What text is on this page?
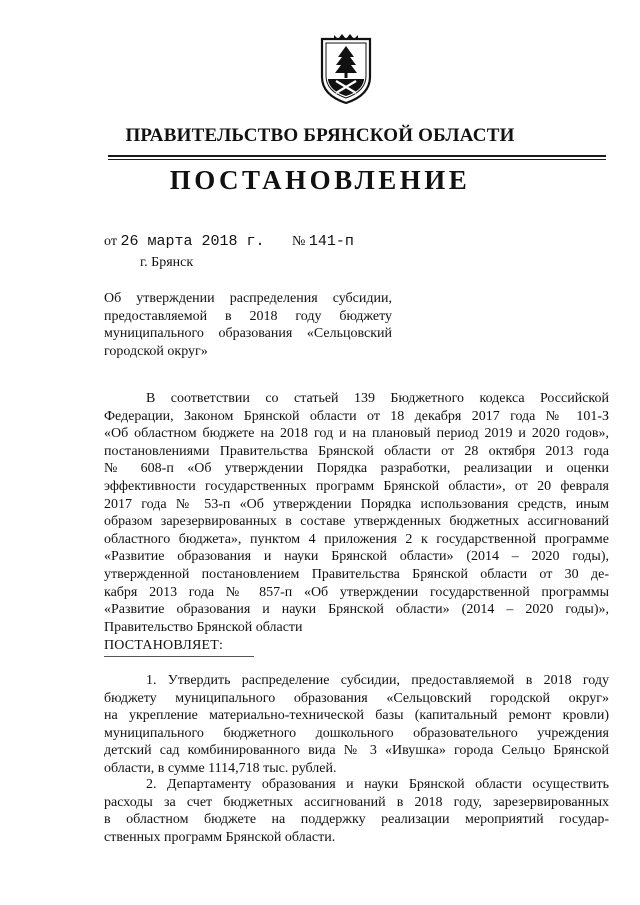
ПРАВИТЕЛЬСТВО БРЯНСКОЙ ОБЛАСТИ
ПОСТАНОВЛЕНИЕ
от 26 марта 2018 г. № 141-п
г. Брянск
Об утверждении распределения субсидии,
предоставляемой в 2018 году бюджету
муниципального образования «Сельцовский
городской округ»
В соответствии со статьей 139 Бюджетного кодекса Российской
Федерации, Законом Брянской области от 18 декабря 2017 года № 101-З
«Об областном бюджете на 2018 год и на плановый период 2019 и 2020 годов»,
постановлениями Правительства Брянской области от 28 октября 2013 года
№ 608-п «Об утверждении Порядка разработки, реализации и оценки
эффективности государственных программ Брянской области», от 20 февраля
2017 года № 53-п «Об утверждении Порядка использования средств, иным
образом зарезервированных в составе утвержденных бюджетных ассигнований
областного бюджета», пунктом 4 приложения 2 к государственной программе
«Развитие образования и науки Брянской области» (2014 – 2020 годы),
утвержденной постановлением Правительства Брянской области от 30 де-
кабря 2013 года № 857-п «Об утверждении государственной программы
«Развитие образования и науки Брянской области» (2014 – 2020 годы)»,
Правительство Брянской области
ПОСТАНОВЛЯЕТ:
1. Утвердить распределение субсидии, предоставляемой в 2018 году
бюджету муниципального образования «Сельцовский городской округ»
на укрепление материально-технической базы (капитальный ремонт кровли)
муниципального бюджетного дошкольного образовательного учреждения
детский сад комбинированного вида № 3 «Ивушка» города Сельцо Брянской
области, в сумме 1114,718 тыс. рублей.
2. Департаменту образования и науки Брянской области осуществить
расходы за счет бюджетных ассигнований в 2018 году, зарезервированных
в областном бюджете на поддержку реализации мероприятий государ-
ственных программ Брянской области.
